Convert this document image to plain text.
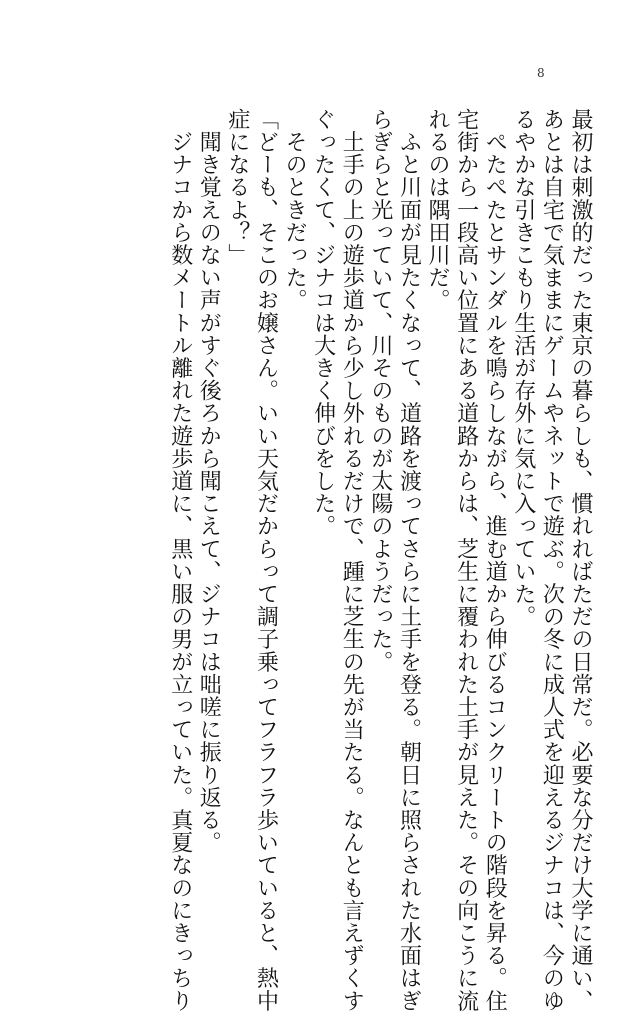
8
最初は刺激的だった東京の暮らしも、慣れればただの日常だ。必要な分だけ大学に通い、
あとは自宅で気ままにゲームやネットで遊ぶ。次の冬に成人式を迎えるジナコは、今のゆ
るやかな引きこもり生活が存外に気に入っていた。
　ぺたぺたとサンダルを鳴らしながら、進む道から伸びるコンクリートの階段を昇る。住
宅街から一段高い位置にある道路からは、芝生に覆われた土手が見えた。その向こうに流
れるのは隅田川だ。
　ふと川面が見たくなって、道路を渡ってさらに土手を登る。朝日に照らされた水面はぎ
らぎらと光っていて、川そのものが太陽のようだった。
　土手の上の遊歩道から少し外れるだけで、踵に芝生の先が当たる。なんとも言えずくす
ぐったくて、ジナコは大きく伸びをした。
　そのときだった。
「どーも、そこのお嬢さん。いい天気だからって調子乗ってフラフラ歩いていると、熱中
症になるよ？」
　聞き覚えのない声がすぐ後ろから聞こえて、ジナコは咄嗟に振り返る。
　ジナコから数メートル離れた遊歩道に、黒い服の男が立っていた。真夏なのにきっちり
